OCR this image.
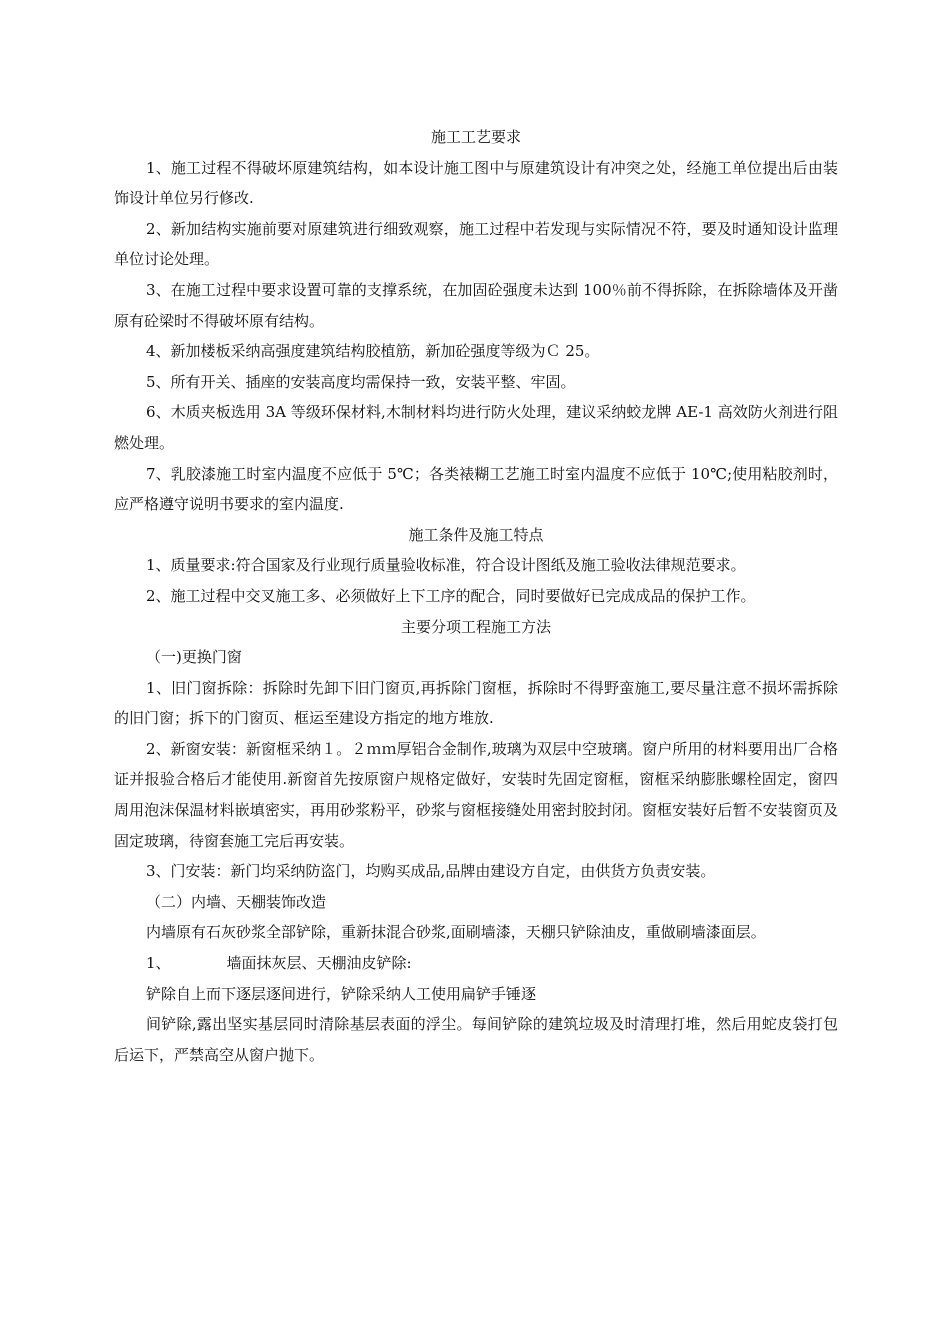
施工工艺要求
1、施工过程不得破坏原建筑结构，如本设计施工图中与原建筑设计有冲突之处，经施工单位提出后由装饰设计单位另行修改.
2、新加结构实施前要对原建筑进行细致观察，施工过程中若发现与实际情况不符，要及时通知设计监理单位讨论处理。
3、在施工过程中要求设置可靠的支撑系统，在加固砼强度未达到 100％前不得拆除，在拆除墙体及开凿原有砼梁时不得破坏原有结构。
4、新加楼板采纳高强度建筑结构胶植筋，新加砼强度等级为Ｃ 25。
5、所有开关、插座的安装高度均需保持一致，安装平整、牢固。
6、木质夹板选用 3A 等级环保材料,木制材料均进行防火处理，建议采纳蛟龙牌 AE-1 高效防火剂进行阻燃处理。
7、乳胶漆施工时室内温度不应低于 5℃；各类裱糊工艺施工时室内温度不应低于 10℃;使用粘胶剂时，应严格遵守说明书要求的室内温度.
施工条件及施工特点
1、质量要求:符合国家及行业现行质量验收标准，符合设计图纸及施工验收法律规范要求。
2、施工过程中交叉施工多、必须做好上下工序的配合，同时要做好已完成成品的保护工作。
主要分项工程施工方法
（一)更换门窗
1、旧门窗拆除：拆除时先卸下旧门窗页,再拆除门窗框，拆除时不得野蛮施工,要尽量注意不损坏需拆除的旧门窗；拆下的门窗页、框运至建设方指定的地方堆放.
2、新窗安装：新窗框采纳１。２ｍｍ厚铝合金制作,玻璃为双层中空玻璃。窗户所用的材料要用出厂合格证并报验合格后才能使用.新窗首先按原窗户规格定做好，安装时先固定窗框，窗框采纳膨胀螺栓固定，窗四周用泡沫保温材料嵌填密实，再用砂浆粉平，砂浆与窗框接缝处用密封胶封闭。窗框安装好后暂不安装窗页及固定玻璃，待窗套施工完后再安装。
3、门安装：新门均采纳防盗门，均购买成品,品牌由建设方自定，由供货方负责安装。
（二）内墙、天棚装饰改造
内墙原有石灰砂浆全部铲除，重新抹混合砂浆,面刷墙漆，天棚只铲除油皮，重做刷墙漆面层。
1、	墙面抹灰层、天棚油皮铲除:
铲除自上而下逐层逐间进行，铲除采纳人工使用扁铲手锤逐
间铲除,露出坚实基层同时清除基层表面的浮尘。每间铲除的建筑垃圾及时清理打堆，然后用蛇皮袋打包后运下，严禁高空从窗户抛下。
